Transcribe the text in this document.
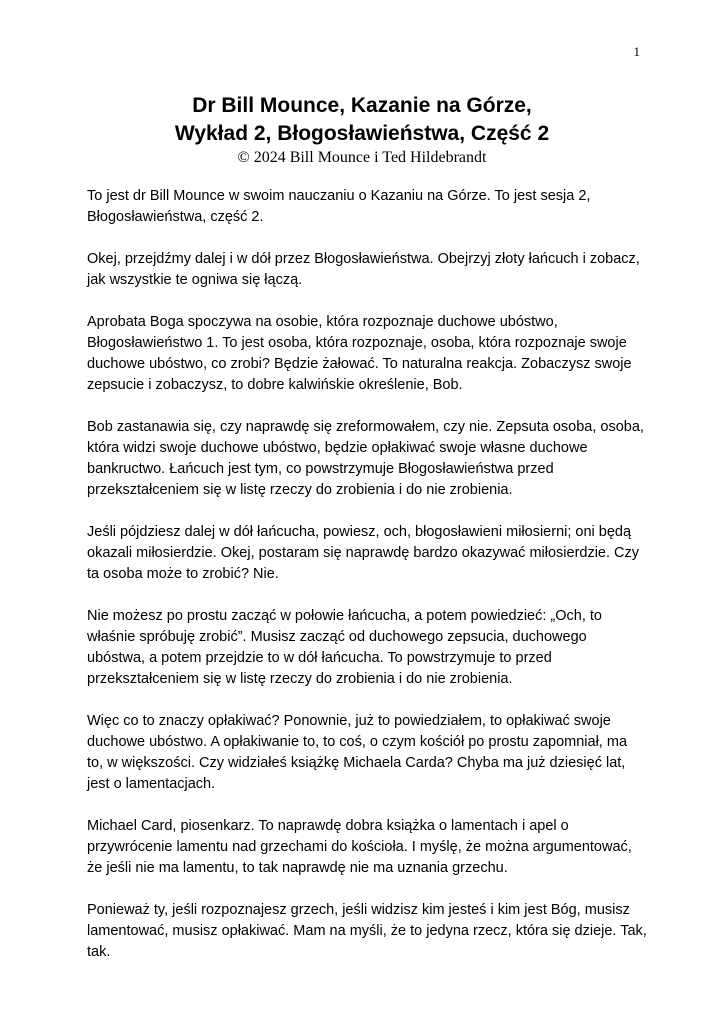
1

Dr Bill Mounce, Kazanie na Górze,

Wykład 2, Błogosławieństwa, Część 2

© 2024 Bill Mounce i Ted Hildebrandt

To jest dr Bill Mounce w swoim nauczaniu o Kazaniu na Górze. To jest sesja 2, Błogosławieństwa, część 2.

Okej, przejdźmy dalej i w dół przez Błogosławieństwa. Obejrzyj złoty łańcuch i zobacz, jak wszystkie te ogniwa się łączą.

Aprobata Boga spoczywa na osobie, która rozpoznaje duchowe ubóstwo, Błogosławieństwo 1. To jest osoba, która rozpoznaje, osoba, która rozpoznaje swoje duchowe ubóstwo, co zrobi? Będzie żałować. To naturalna reakcja. Zobaczysz swoje zepsucie i zobaczysz, to dobre kalwińskie określenie, Bob.

Bob zastanawia się, czy naprawdę się zreformowałem, czy nie. Zepsuta osoba, osoba, która widzi swoje duchowe ubóstwo, będzie opłakiwać swoje własne duchowe bankructwo. Łańcuch jest tym, co powstrzymuje Błogosławieństwa przed przekształceniem się w listę rzeczy do zrobienia i do nie zrobienia.

Jeśli pójdziesz dalej w dół łańcucha, powiesz, och, błogosławieni miłosierni; oni będą okazali miłosierdzie. Okej, postaram się naprawdę bardzo okazywać miłosierdzie. Czy ta osoba może to zrobić? Nie.

Nie możesz po prostu zacząć w połowie łańcucha, a potem powiedzieć: „Och, to właśnie spróbuję zrobić”. Musisz zacząć od duchowego zepsucia, duchowego ubóstwa, a potem przejdzie to w dół łańcucha. To powstrzymuje to przed przekształceniem się w listę rzeczy do zrobienia i do nie zrobienia.

Więc co to znaczy opłakiwać? Ponownie, już to powiedziałem, to opłakiwać swoje duchowe ubóstwo. A opłakiwanie to, to coś, o czym kościół po prostu zapomniał, ma to, w większości. Czy widziałeś książkę Michaela Carda? Chyba ma już dziesięć lat, jest o lamentacjach.

Michael Card, piosenkarz. To naprawdę dobra książka o lamentach i apel o przywrócenie lamentu nad grzechami do kościoła. I myślę, że można argumentować, że jeśli nie ma lamentu, to tak naprawdę nie ma uznania grzechu.

Ponieważ ty, jeśli rozpoznajesz grzech, jeśli widzisz kim jesteś i kim jest Bóg, musisz lamentować, musisz opłakiwać. Mam na myśli, że to jedyna rzecz, która się dzieje. Tak, tak.
